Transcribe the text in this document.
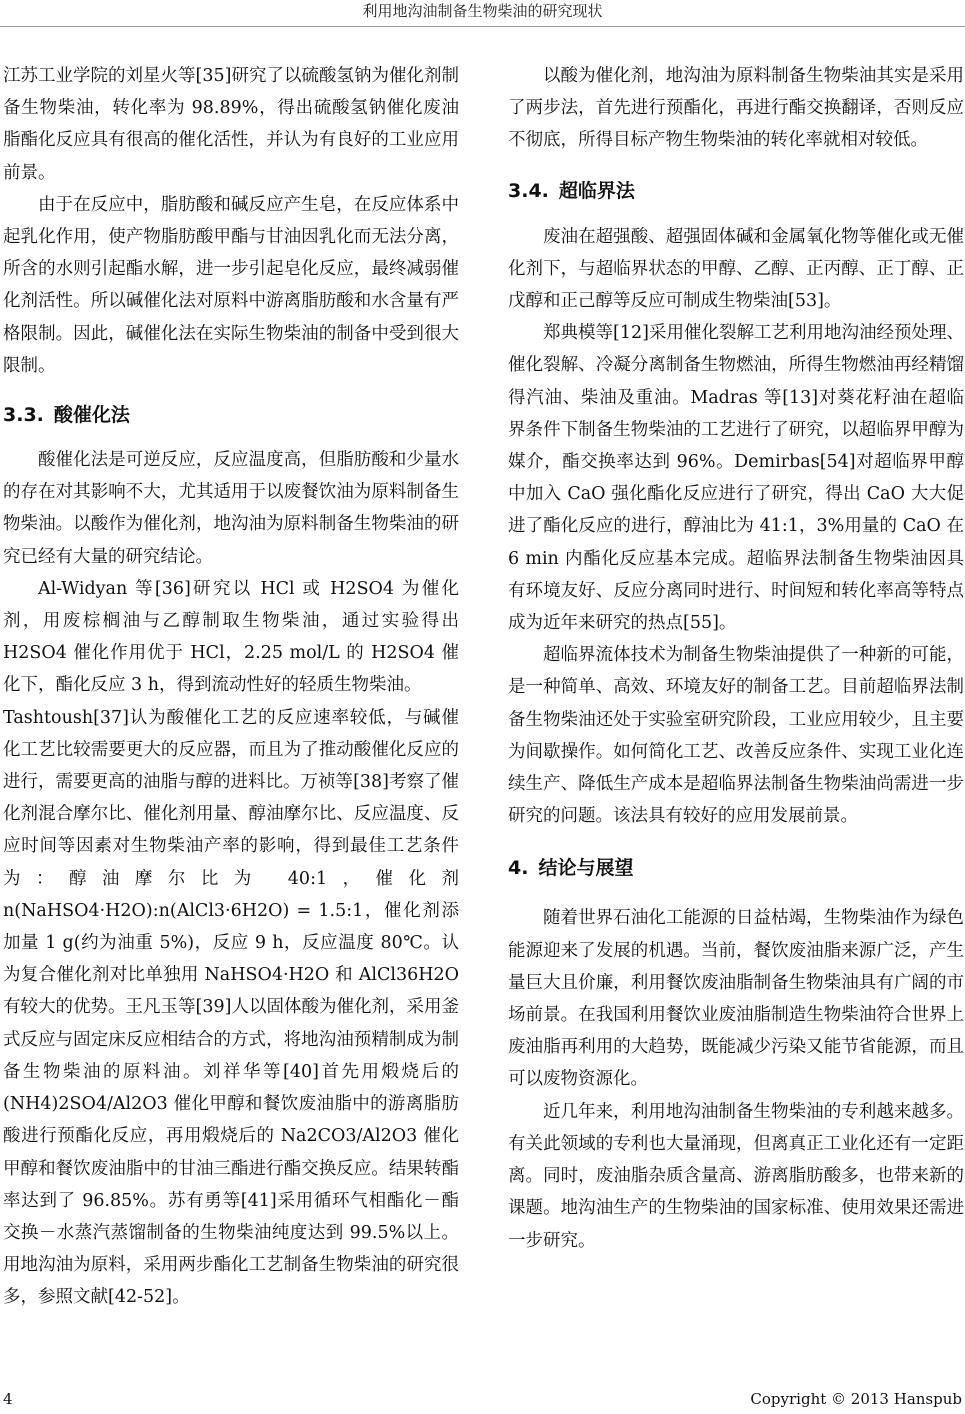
利用地沟油制备生物柴油的研究现状

江苏工业学院的刘星火等[35]研究了以硫酸氢钠为催化剂制备生物柴油，转化率为 98.89%，得出硫酸氢钠催化废油脂酯化反应具有很高的催化活性，并认为有良好的工业应用前景。

由于在反应中，脂肪酸和碱反应产生皂，在反应体系中起乳化作用，使产物脂肪酸甲酯与甘油因乳化而无法分离，所含的水则引起酯水解，进一步引起皂化反应，最终减弱催化剂活性。所以碱催化法对原料中游离脂肪酸和水含量有严格限制。因此，碱催化法在实际生物柴油的制备中受到很大限制。

3.3. 酸催化法

酸催化法是可逆反应，反应温度高，但脂肪酸和少量水的存在对其影响不大，尤其适用于以废餐饮油为原料制备生物柴油。以酸作为催化剂，地沟油为原料制备生物柴油的研究已经有大量的研究结论。

Al-Widyan 等[36]研究以 HCl 或 H2SO4 为催化剂，用废棕榈油与乙醇制取生物柴油，通过实验得出 H2SO4 催化作用优于 HCl，2.25 mol/L 的 H2SO4 催化下，酯化反应 3 h，得到流动性好的轻质生物柴油。

Tashtoush[37]认为酸催化工艺的反应速率较低，与碱催化工艺比较需要更大的反应器，而且为了推动酸催化反应的进行，需要更高的油脂与醇的进料比。万祯等[38]考察了催化剂混合摩尔比、催化剂用量、醇油摩尔比、反应温度、反应时间等因素对生物柴油产率的影响，得到最佳工艺条件为：醇油摩尔比为 40:1，催化剂 n(NaHSO4·H2O):n(AlCl3·6H2O) = 1.5:1，催化剂添加量 1 g(约为油重 5%)，反应 9 h，反应温度 80℃。认为复合催化剂对比单独用 NaHSO4·H2O 和 AlCl36H2O 有较大的优势。王凡玉等[39]人以固体酸为催化剂，采用釜式反应与固定床反应相结合的方式，将地沟油预精制成为制备生物柴油的原料油。刘祥华等[40]首先用煅烧后的(NH4)2SO4/Al2O3 催化甲醇和餐饮废油脂中的游离脂肪酸进行预酯化反应，再用煅烧后的 Na2CO3/Al2O3 催化甲醇和餐饮废油脂中的甘油三酯进行酯交换反应。结果转酯率达到了 96.85%。苏有勇等[41]采用循环气相酯化－酯交换－水蒸汽蒸馏制备的生物柴油纯度达到 99.5%以上。用地沟油为原料，采用两步酯化工艺制备生物柴油的研究很多，参照文献[42-52]。

以酸为催化剂，地沟油为原料制备生物柴油其实是采用了两步法，首先进行预酯化，再进行酯交换翻译，否则反应不彻底，所得目标产物生物柴油的转化率就相对较低。

3.4. 超临界法

废油在超强酸、超强固体碱和金属氧化物等催化或无催化剂下，与超临界状态的甲醇、乙醇、正丙醇、正丁醇、正戊醇和正己醇等反应可制成生物柴油[53]。

郑典模等[12]采用催化裂解工艺利用地沟油经预处理、催化裂解、冷凝分离制备生物燃油，所得生物燃油再经精馏得汽油、柴油及重油。Madras 等[13]对葵花籽油在超临界条件下制备生物柴油的工艺进行了研究，以超临界甲醇为媒介，酯交换率达到 96%。Demirbas[54]对超临界甲醇中加入 CaO 强化酯化反应进行了研究，得出 CaO 大大促进了酯化反应的进行，醇油比为 41:1，3%用量的 CaO 在 6 min 内酯化反应基本完成。超临界法制备生物柴油因具有环境友好、反应分离同时进行、时间短和转化率高等特点成为近年来研究的热点[55]。

超临界流体技术为制备生物柴油提供了一种新的可能，是一种简单、高效、环境友好的制备工艺。目前超临界法制备生物柴油还处于实验室研究阶段，工业应用较少，且主要为间歇操作。如何简化工艺、改善反应条件、实现工业化连续生产、降低生产成本是超临界法制备生物柴油尚需进一步研究的问题。该法具有较好的应用发展前景。

4. 结论与展望

随着世界石油化工能源的日益枯竭，生物柴油作为绿色能源迎来了发展的机遇。当前，餐饮废油脂来源广泛，产生量巨大且价廉，利用餐饮废油脂制备生物柴油具有广阔的市场前景。在我国利用餐饮业废油脂制造生物柴油符合世界上废油脂再利用的大趋势，既能减少污染又能节省能源，而且可以废物资源化。

近几年来，利用地沟油制备生物柴油的专利越来越多。有关此领域的专利也大量涌现，但离真正工业化还有一定距离。同时，废油脂杂质含量高、游离脂肪酸多，也带来新的课题。地沟油生产的生物柴油的国家标准、使用效果还需进一步研究。

4	Copyright © 2013 Hanspub
